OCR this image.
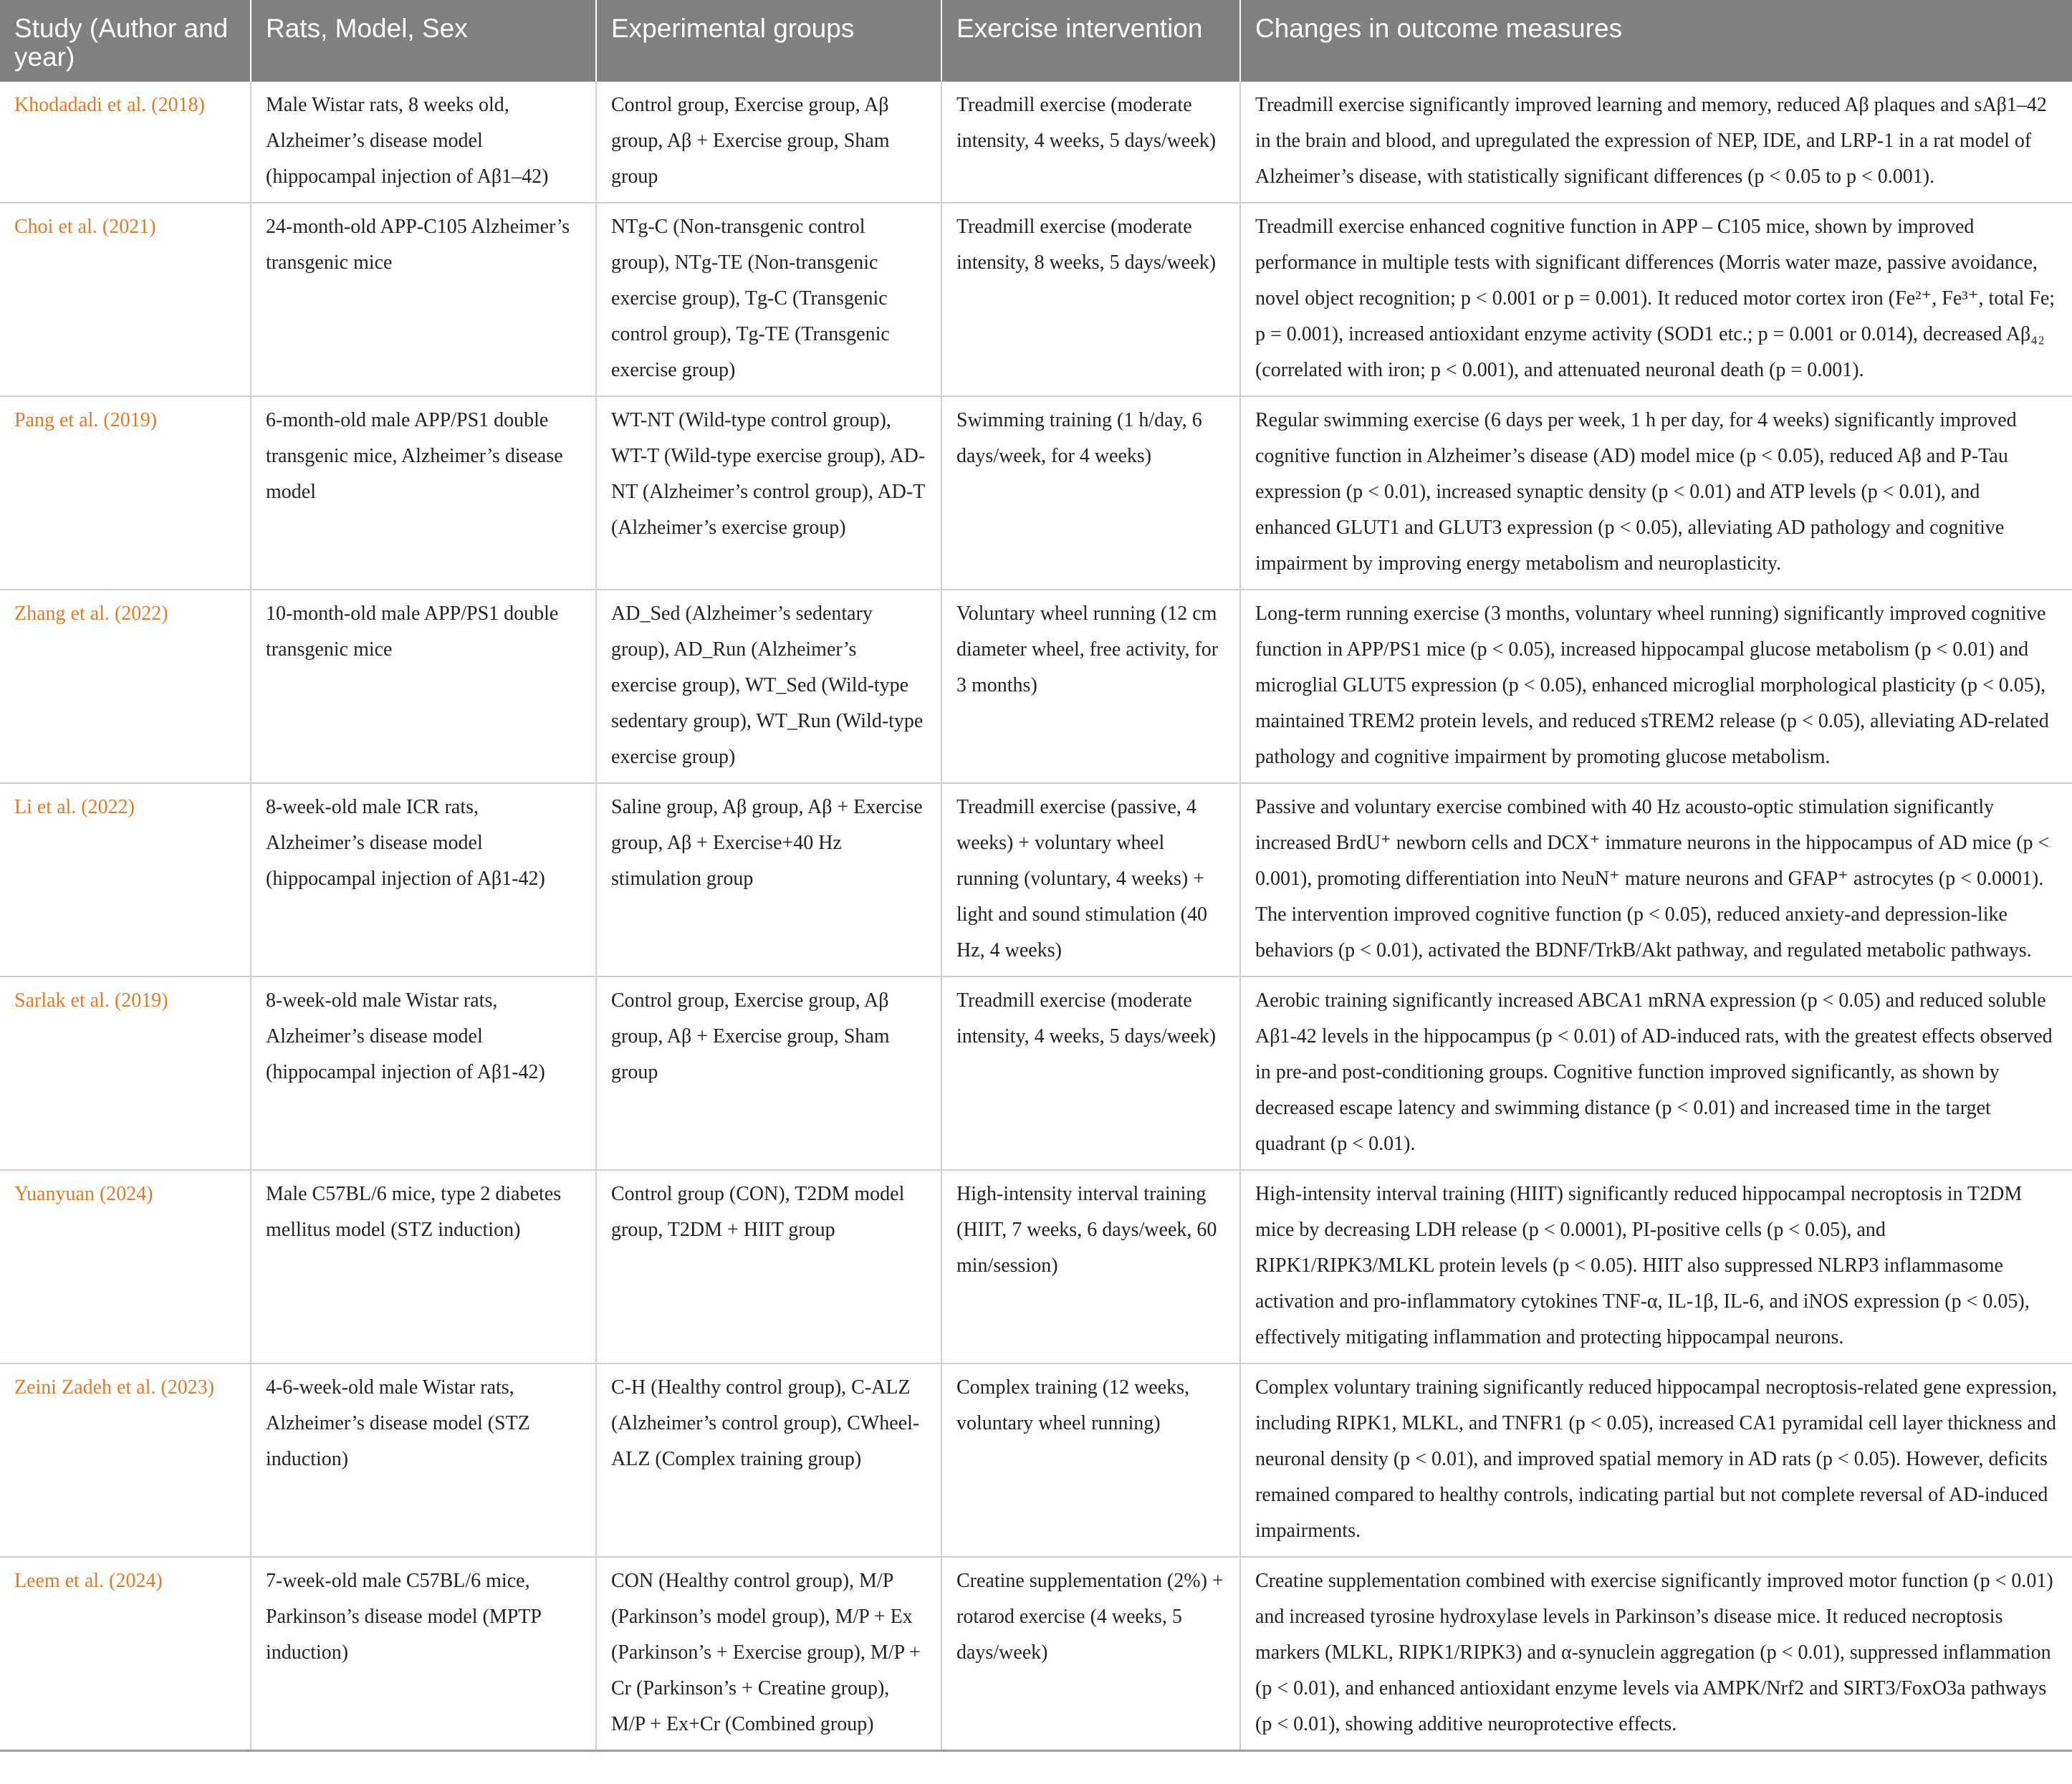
Study (Author and year)	Rats, Model, Sex	Experimental groups	Exercise intervention	Changes in outcome measures
Khodadadi et al. (2018)	Male Wistar rats, 8 weeks old, Alzheimer’s disease model (hippocampal injection of Aβ1–42)	Control group, Exercise group, Aβ group, Aβ + Exercise group, Sham group	Treadmill exercise (moderate intensity, 4 weeks, 5 days/week)	Treadmill exercise significantly improved learning and memory, reduced Aβ plaques and sAβ1–42 in the brain and blood, and upregulated the expression of NEP, IDE, and LRP-1 in a rat model of Alzheimer’s disease, with statistically significant differences (p < 0.05 to p < 0.001).
Choi et al. (2021)	24-month-old APP-C105 Alzheimer’s transgenic mice	NTg-C (Non-transgenic control group), NTg-TE (Non-transgenic exercise group), Tg-C (Transgenic control group), Tg-TE (Transgenic exercise group)	Treadmill exercise (moderate intensity, 8 weeks, 5 days/week)	Treadmill exercise enhanced cognitive function in APP – C105 mice, shown by improved performance in multiple tests with significant differences (Morris water maze, passive avoidance, novel object recognition; p < 0.001 or p = 0.001). It reduced motor cortex iron (Fe²⁺, Fe³⁺, total Fe; p = 0.001), increased antioxidant enzyme activity (SOD1 etc.; p = 0.001 or 0.014), decreased Aβ₄₂ (correlated with iron; p < 0.001), and attenuated neuronal death (p = 0.001).
Pang et al. (2019)	6-month-old male APP/PS1 double transgenic mice, Alzheimer’s disease model	WT-NT (Wild-type control group), WT-T (Wild-type exercise group), AD-NT (Alzheimer’s control group), AD-T (Alzheimer’s exercise group)	Swimming training (1 h/day, 6 days/week, for 4 weeks)	Regular swimming exercise (6 days per week, 1 h per day, for 4 weeks) significantly improved cognitive function in Alzheimer’s disease (AD) model mice (p < 0.05), reduced Aβ and P-Tau expression (p < 0.01), increased synaptic density (p < 0.01) and ATP levels (p < 0.01), and enhanced GLUT1 and GLUT3 expression (p < 0.05), alleviating AD pathology and cognitive impairment by improving energy metabolism and neuroplasticity.
Zhang et al. (2022)	10-month-old male APP/PS1 double transgenic mice	AD_Sed (Alzheimer’s sedentary group), AD_Run (Alzheimer’s exercise group), WT_Sed (Wild-type sedentary group), WT_Run (Wild-type exercise group)	Voluntary wheel running (12 cm diameter wheel, free activity, for 3 months)	Long-term running exercise (3 months, voluntary wheel running) significantly improved cognitive function in APP/PS1 mice (p < 0.05), increased hippocampal glucose metabolism (p < 0.01) and microglial GLUT5 expression (p < 0.05), enhanced microglial morphological plasticity (p < 0.05), maintained TREM2 protein levels, and reduced sTREM2 release (p < 0.05), alleviating AD-related pathology and cognitive impairment by promoting glucose metabolism.
Li et al. (2022)	8-week-old male ICR rats, Alzheimer’s disease model (hippocampal injection of Aβ1-42)	Saline group, Aβ group, Aβ + Exercise group, Aβ + Exercise+40 Hz stimulation group	Treadmill exercise (passive, 4 weeks) + voluntary wheel running (voluntary, 4 weeks) + light and sound stimulation (40 Hz, 4 weeks)	Passive and voluntary exercise combined with 40 Hz acousto-optic stimulation significantly increased BrdU⁺ newborn cells and DCX⁺ immature neurons in the hippocampus of AD mice (p < 0.001), promoting differentiation into NeuN⁺ mature neurons and GFAP⁺ astrocytes (p < 0.0001). The intervention improved cognitive function (p < 0.05), reduced anxiety-and depression-like behaviors (p < 0.01), activated the BDNF/TrkB/Akt pathway, and regulated metabolic pathways.
Sarlak et al. (2019)	8-week-old male Wistar rats, Alzheimer’s disease model (hippocampal injection of Aβ1-42)	Control group, Exercise group, Aβ group, Aβ + Exercise group, Sham group	Treadmill exercise (moderate intensity, 4 weeks, 5 days/week)	Aerobic training significantly increased ABCA1 mRNA expression (p < 0.05) and reduced soluble Aβ1-42 levels in the hippocampus (p < 0.01) of AD-induced rats, with the greatest effects observed in pre-and post-conditioning groups. Cognitive function improved significantly, as shown by decreased escape latency and swimming distance (p < 0.01) and increased time in the target quadrant (p < 0.01).
Yuanyuan (2024)	Male C57BL/6 mice, type 2 diabetes mellitus model (STZ induction)	Control group (CON), T2DM model group, T2DM + HIIT group	High-intensity interval training (HIIT, 7 weeks, 6 days/week, 60 min/session)	High-intensity interval training (HIIT) significantly reduced hippocampal necroptosis in T2DM mice by decreasing LDH release (p < 0.0001), PI-positive cells (p < 0.05), and RIPK1/RIPK3/MLKL protein levels (p < 0.05). HIIT also suppressed NLRP3 inflammasome activation and pro-inflammatory cytokines TNF-α, IL-1β, IL-6, and iNOS expression (p < 0.05), effectively mitigating inflammation and protecting hippocampal neurons.
Zeini Zadeh et al. (2023)	4-6-week-old male Wistar rats, Alzheimer’s disease model (STZ induction)	C-H (Healthy control group), C-ALZ (Alzheimer’s control group), CWheel-ALZ (Complex training group)	Complex training (12 weeks, voluntary wheel running)	Complex voluntary training significantly reduced hippocampal necroptosis-related gene expression, including RIPK1, MLKL, and TNFR1 (p < 0.05), increased CA1 pyramidal cell layer thickness and neuronal density (p < 0.01), and improved spatial memory in AD rats (p < 0.05). However, deficits remained compared to healthy controls, indicating partial but not complete reversal of AD-induced impairments.
Leem et al. (2024)	7-week-old male C57BL/6 mice, Parkinson’s disease model (MPTP induction)	CON (Healthy control group), M/P (Parkinson’s model group), M/P + Ex (Parkinson’s + Exercise group), M/P + Cr (Parkinson’s + Creatine group), M/P + Ex+Cr (Combined group)	Creatine supplementation (2%) + rotarod exercise (4 weeks, 5 days/week)	Creatine supplementation combined with exercise significantly improved motor function (p < 0.01) and increased tyrosine hydroxylase levels in Parkinson’s disease mice. It reduced necroptosis markers (MLKL, RIPK1/RIPK3) and α-synuclein aggregation (p < 0.01), suppressed inflammation (p < 0.01), and enhanced antioxidant enzyme levels via AMPK/Nrf2 and SIRT3/FoxO3a pathways (p < 0.01), showing additive neuroprotective effects.
